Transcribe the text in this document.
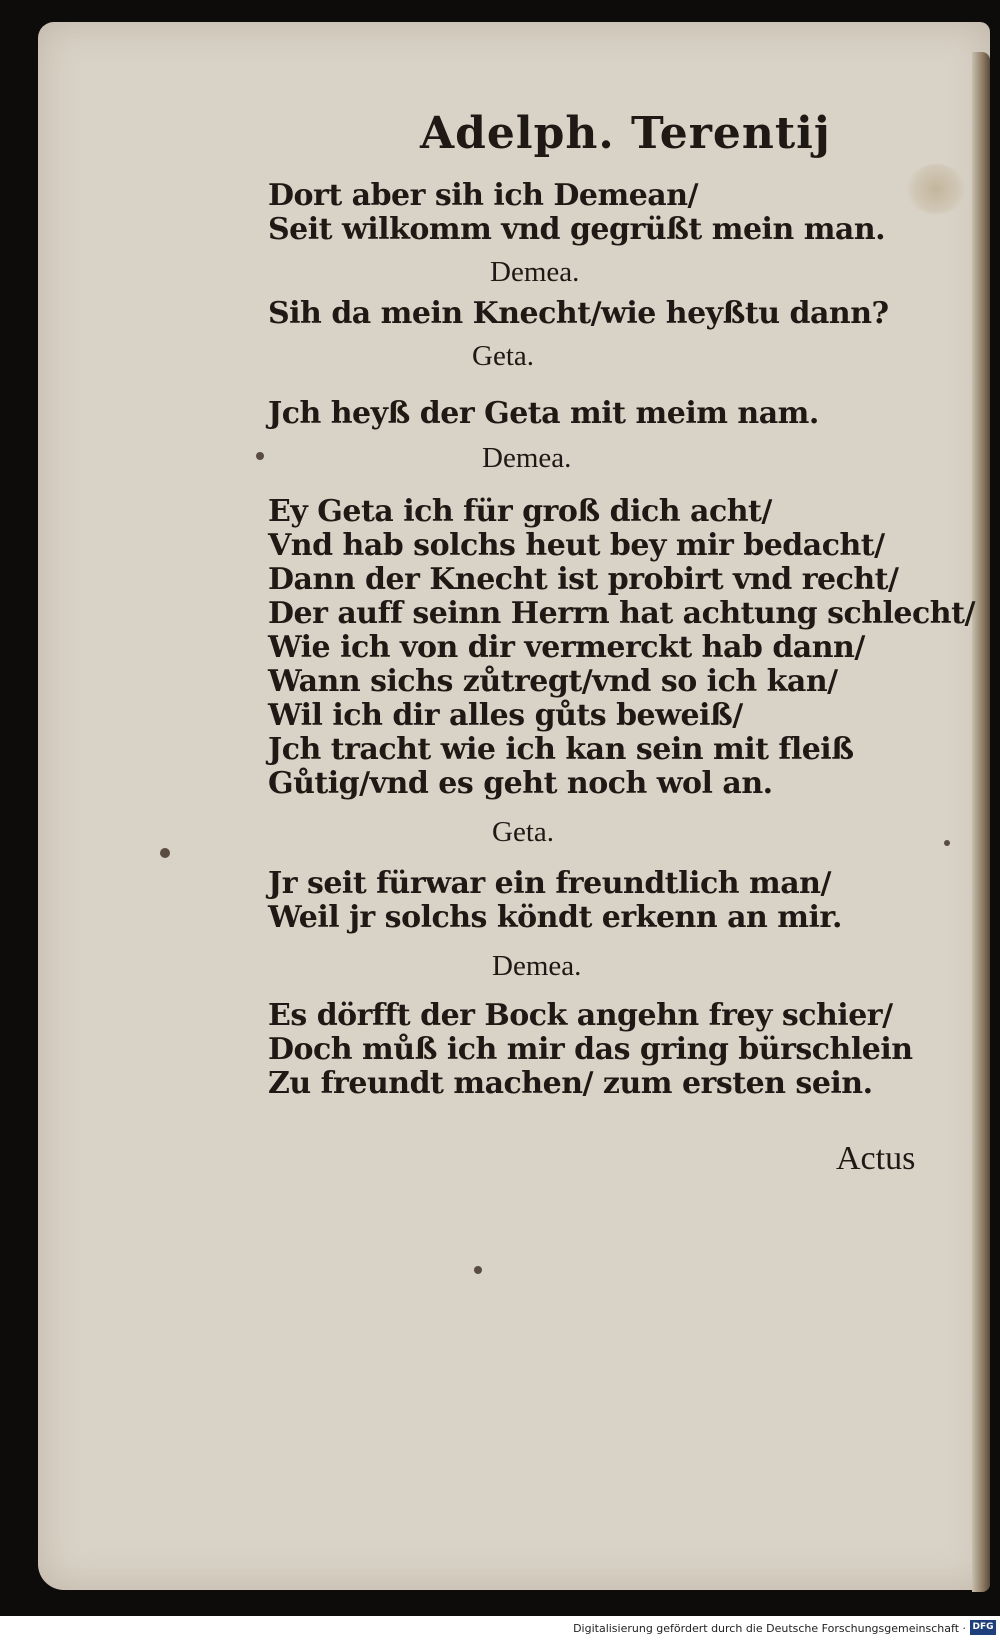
Adelph. Terentij
Dort aber sih ich Demean/
Seit wilkomm vnd gegrüßt mein man.
Demea.
Sih da mein Knecht/wie heyßtu dann?
Geta.
Jch heyß der Geta mit meim nam.
Demea.
Ey Geta ich für groß dich acht/
Vnd hab solchs heut bey mir bedacht/
Dann der Knecht ist probirt vnd recht/
Der auff seinn Herrn hat achtung schlecht/
Wie ich von dir vermerckt hab dann/
Wann sichs zůtregt/vnd so ich kan/
Wil ich dir alles gůts beweiß/
Jch tracht wie ich kan sein mit fleiß
Gůtig/vnd es geht noch wol an.
Geta.
Jr seit fürwar ein freundtlich man/
Weil jr solchs köndt erkenn an mir.
Demea.
Es dörfft der Bock angehn frey schier/
Doch můß ich mir das gring bürschlein
Zu freundt machen/ zum ersten sein.
Actus
Digitalisierung gefördert durch die Deutsche Forschungsgemeinschaft · DFG
